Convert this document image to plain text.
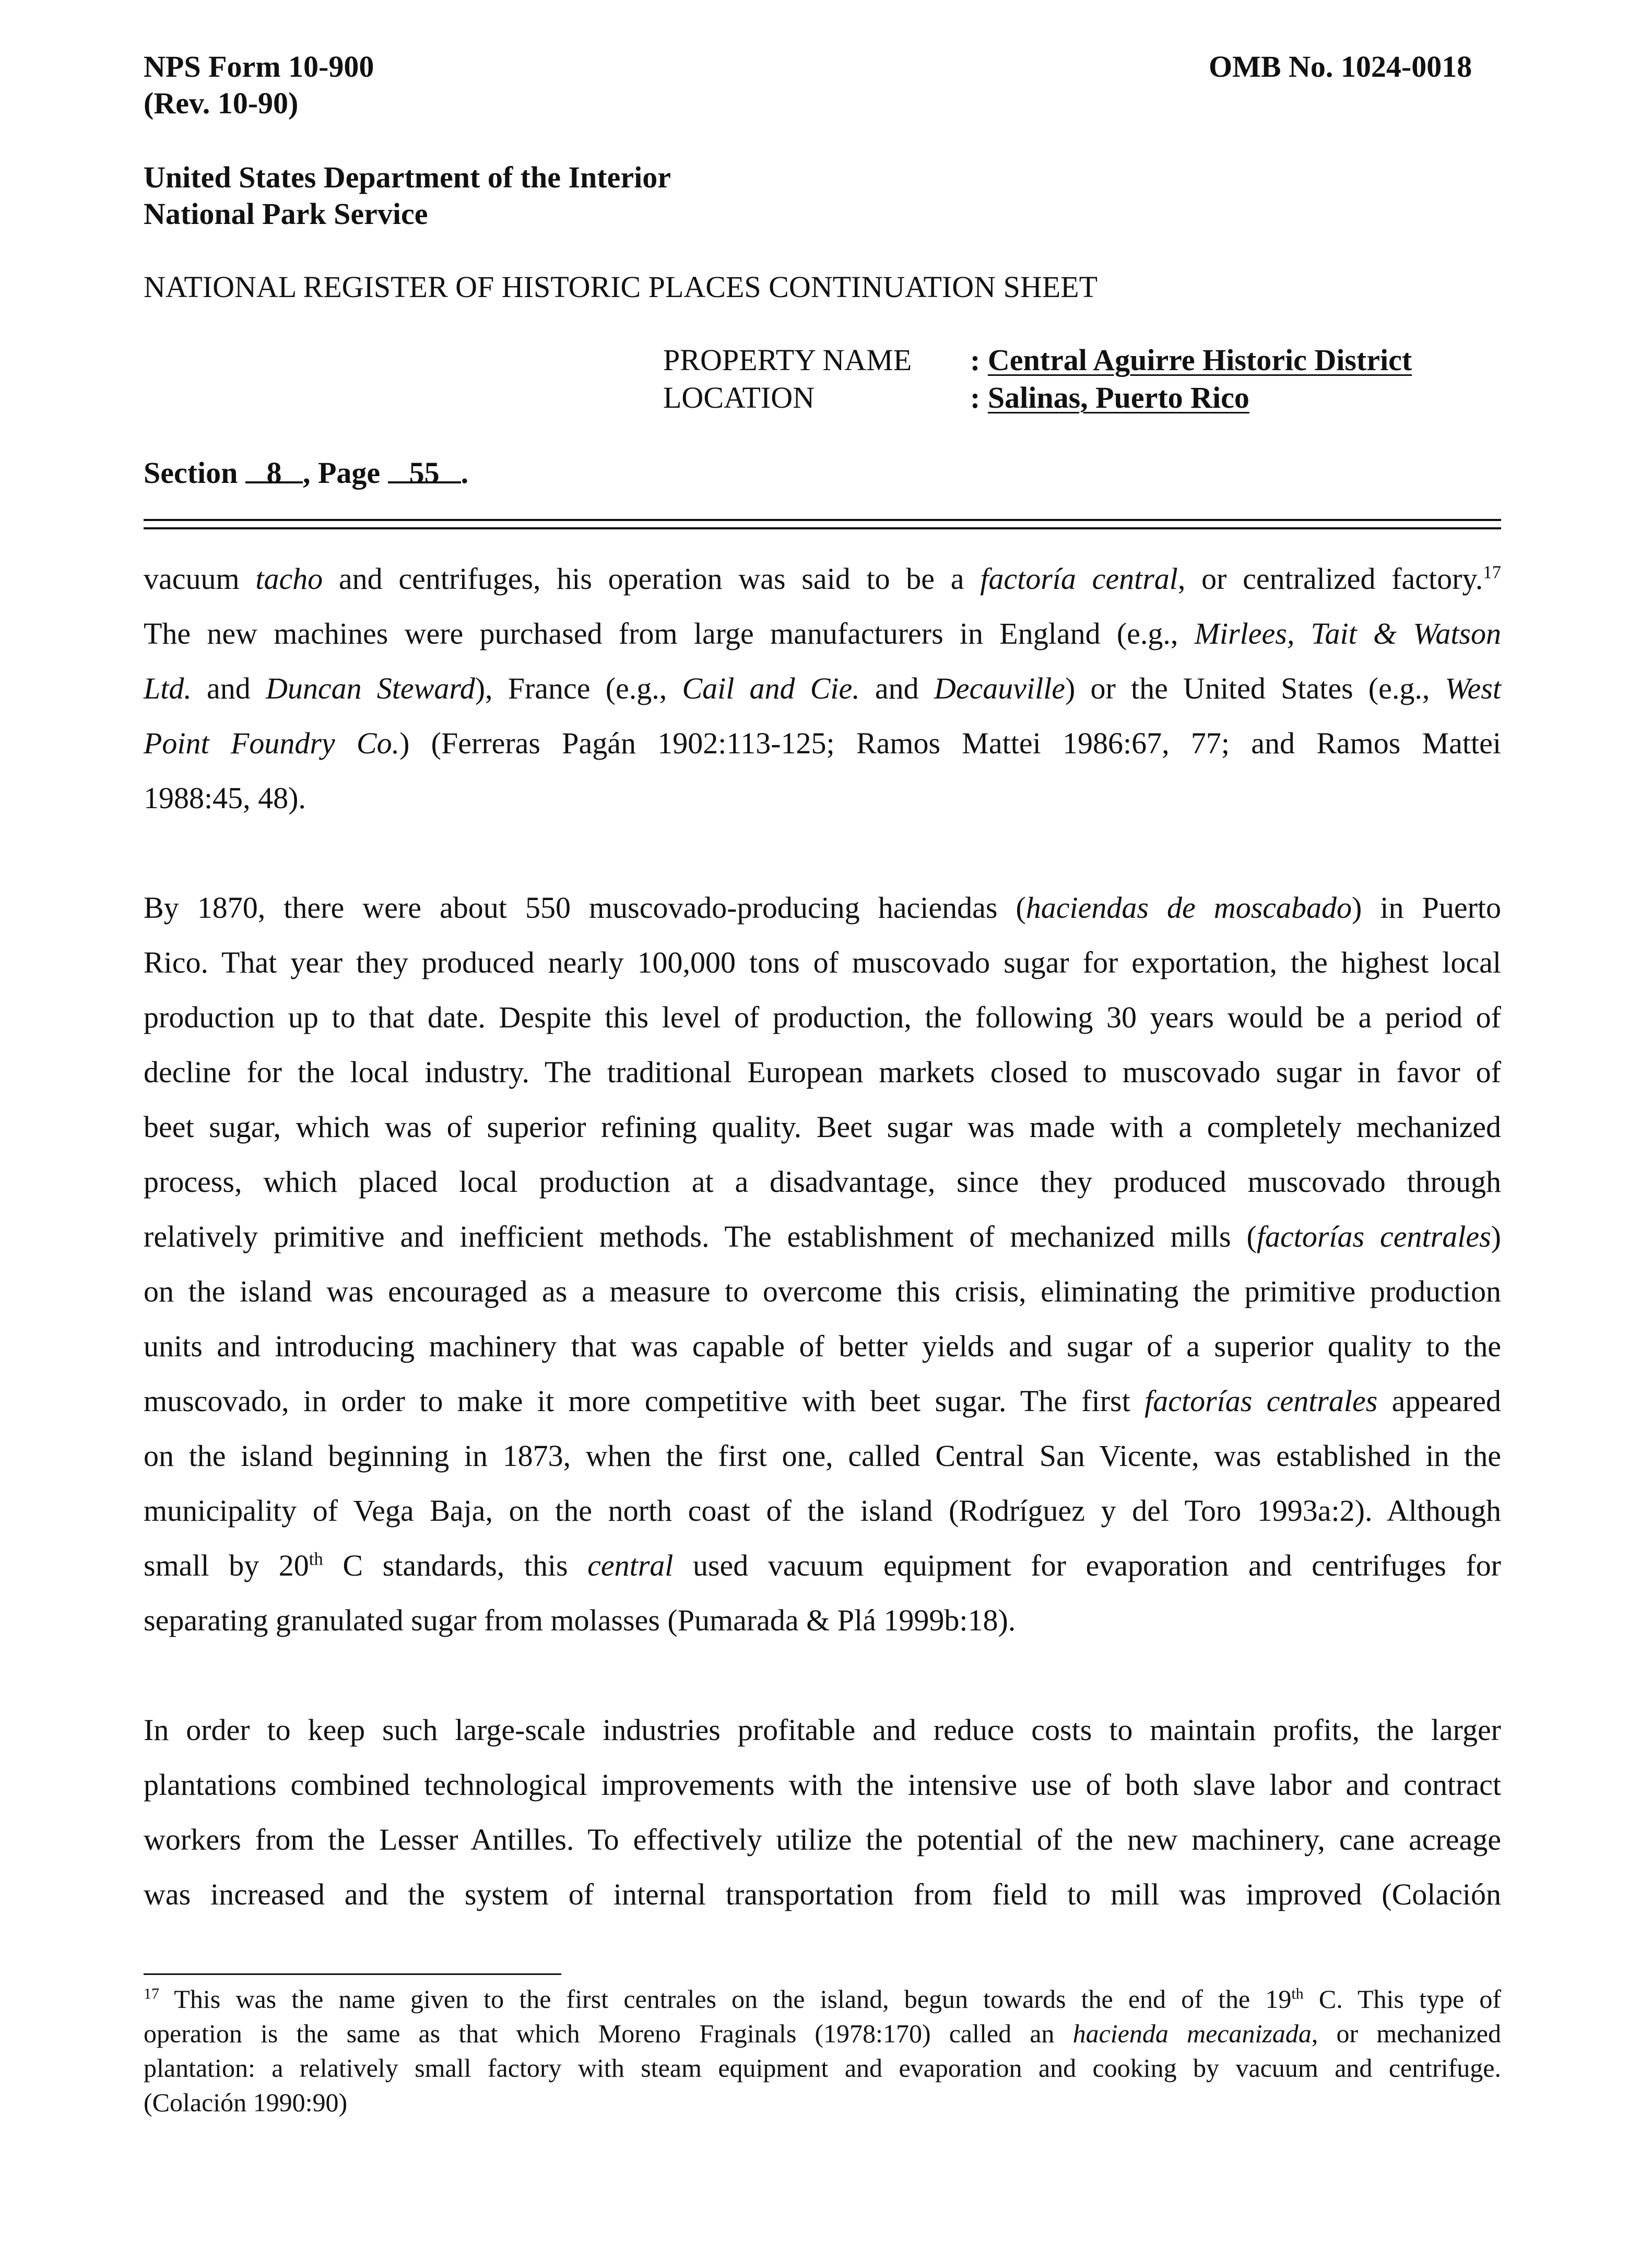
NPS Form 10-900
(Rev. 10-90)
OMB No. 1024-0018
United States Department of the Interior
National Park Service
NATIONAL REGISTER OF HISTORIC PLACES CONTINUATION SHEET
PROPERTY NAME : Central Aguirre Historic District
LOCATION	: Salinas, Puerto Rico
Section 8 , Page 55 .
vacuum tacho and centrifuges, his operation was said to be a factoría central, or centralized factory.$^{17}$
The new machines were purchased from large manufacturers in England (e.g., Mirlees, Tait & Watson
Ltd. and Duncan Steward), France (e.g., Cail and Cie. and Decauville) or the United States (e.g., West
Point Foundry Co.) (Ferreras Pagán 1902:113-125; Ramos Mattei 1986:67, 77; and Ramos Mattei
1988:45, 48).
By 1870, there were about 550 muscovado-producing haciendas (haciendas de moscabado) in Puerto
Rico. That year they produced nearly 100,000 tons of muscovado sugar for exportation, the highest local
production up to that date. Despite this level of production, the following 30 years would be a period of
decline for the local industry. The traditional European markets closed to muscovado sugar in favor of
beet sugar, which was of superior refining quality. Beet sugar was made with a completely mechanized
process, which placed local production at a disadvantage, since they produced muscovado through
relatively primitive and inefficient methods. The establishment of mechanized mills (factorías centrales)
on the island was encouraged as a measure to overcome this crisis, eliminating the primitive production
units and introducing machinery that was capable of better yields and sugar of a superior quality to the
muscovado, in order to make it more competitive with beet sugar. The first factorías centrales appeared
on the island beginning in 1873, when the first one, called Central San Vicente, was established in the
municipality of Vega Baja, on the north coast of the island (Rodríguez y del Toro 1993a:2). Although
small by 20th C standards, this central used vacuum equipment for evaporation and centrifuges for
separating granulated sugar from molasses (Pumarada & Plá 1999b:18).
In order to keep such large-scale industries profitable and reduce costs to maintain profits, the larger
plantations combined technological improvements with the intensive use of both slave labor and contract
workers from the Lesser Antilles. To effectively utilize the potential of the new machinery, cane acreage
was increased and the system of internal transportation from field to mill was improved (Colación
$^{17}$ This was the name given to the first centrales on the island, begun towards the end of the 19th C. This type of
operation is the same as that which Moreno Fraginals (1978:170) called an hacienda mecanizada, or mechanized
plantation: a relatively small factory with steam equipment and evaporation and cooking by vacuum and centrifuge.
(Colación 1990:90)
